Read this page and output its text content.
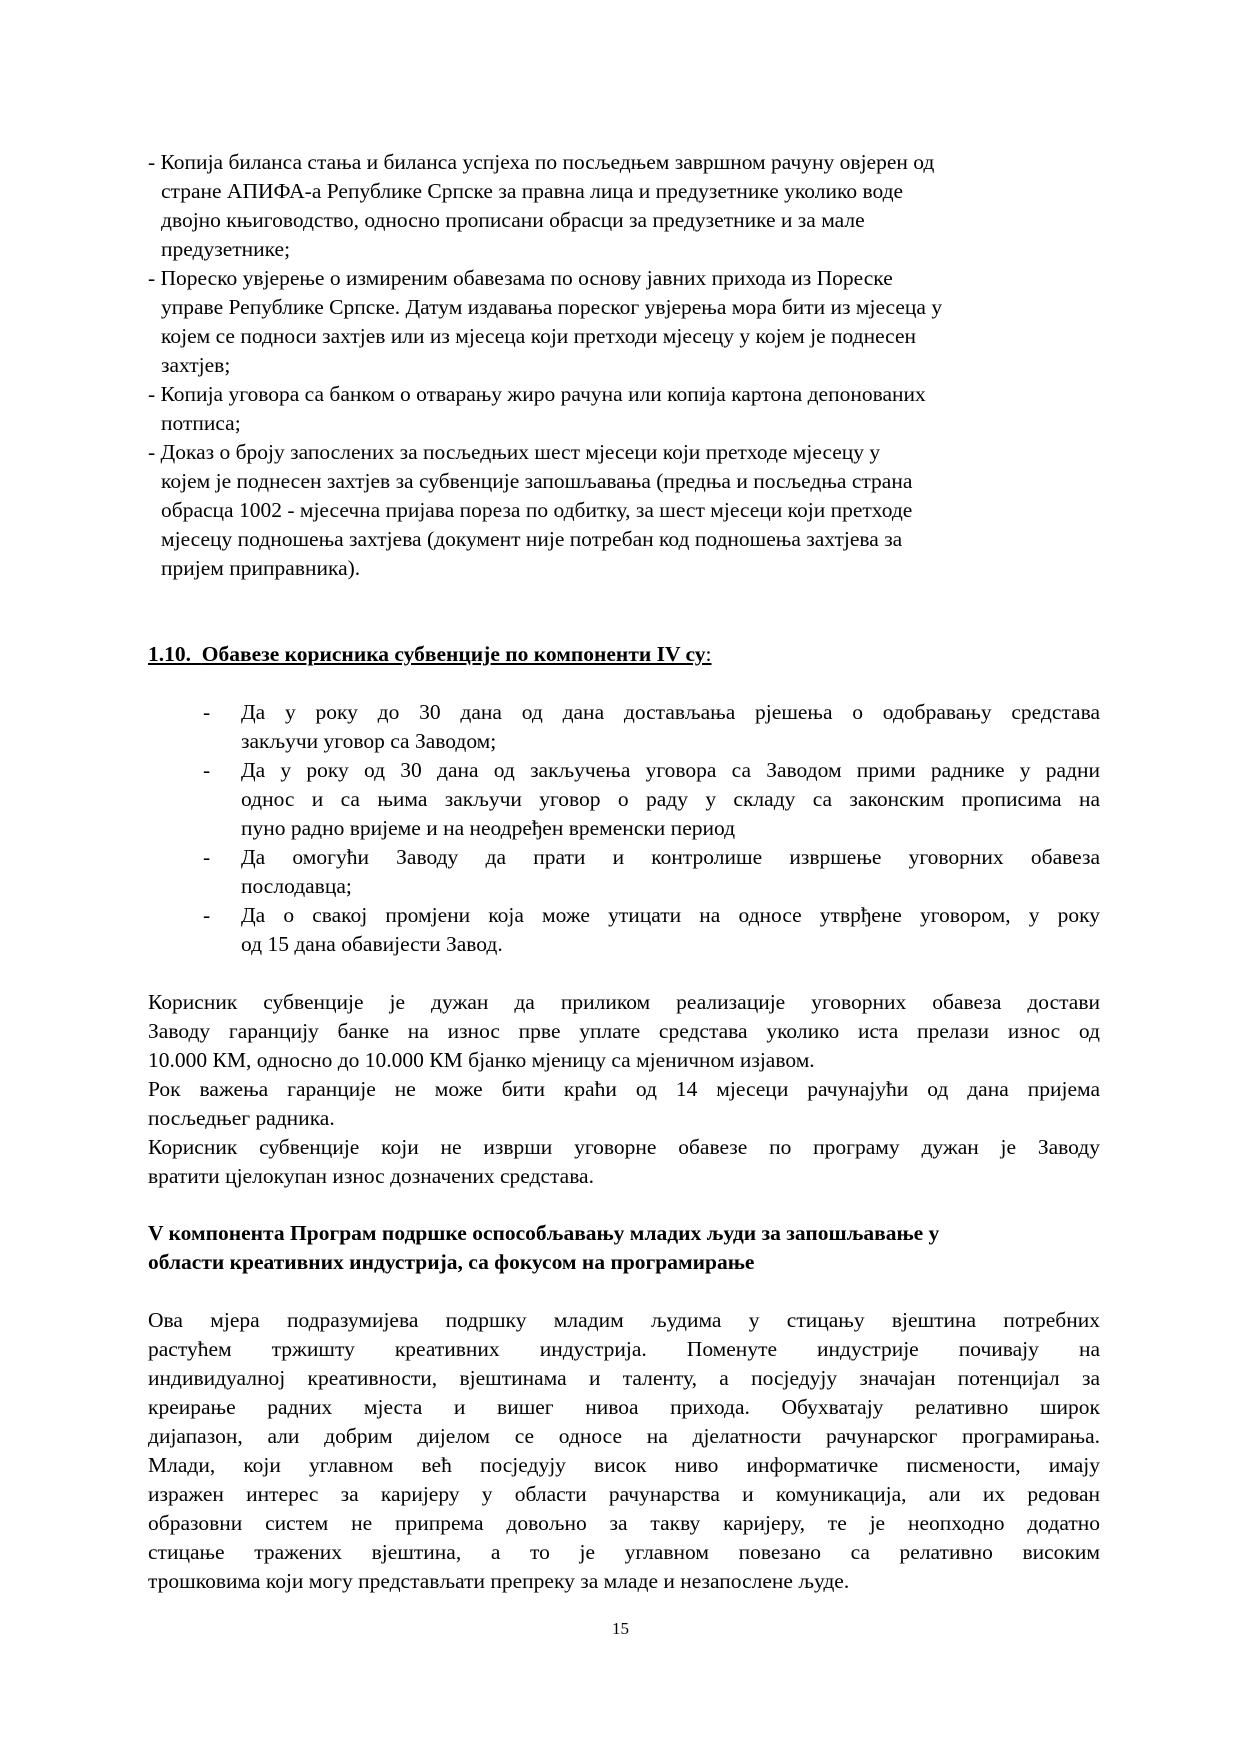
- Копија биланса стања и биланса успјеха по посљедњем завршном рачуну овјерен од
стране АПИФА-а Републике Српске за правна лица и предузетнике уколико воде
двојно књиговодство, односно прописани обрасци за предузетнике и за мале
предузетнике;
- Пореско увјерење о измиреним обавезама по основу јавних прихода из Пореске
управе Републике Српске. Датум издавања пореског увјерења мора бити из мјесеца у
којем се подноси захтјев или из мјесеца који претходи мјесецу у којем је поднесен
захтјев;
- Копија уговора са банком о отварању жиро рачуна или копија картона депонованих
потписа;
- Доказ о броју запослених за посљедњих шест мјесеци који претходе мјесецу у
којем је поднесен захтјев за субвенције запошљавања (предња и посљедња страна
обрасца 1002 - мјесечна пријава пореза по одбитку, за шест мјесеци који претходе
мјесецу подношења захтјева (документ није потребан код подношења захтјева за
пријем приправника).
1.10. Обавезе корисника субвенције по компоненти IV су:
- Да у року до 30 дана од дана достављања рјешења о одобравању средстава
закључи уговор са Заводом;
- Да у року од 30 дана од закључења уговора са Заводом прими раднике у радни
однос и са њима закључи уговор о раду у складу са законским прописима на
пуно радно вријеме и на неодређен временски период
- Да омогући Заводу да прати и контролише извршење уговорних обавеза
послодавца;
- Да о свакој промјени која може утицати на односе утврђене уговором, у року
од 15 дана обавијести Завод.
Корисник субвенције је дужан да приликом реализације уговорних обавеза достави
Заводу гаранцију банке на износ прве уплате средстава уколико иста прелази износ од
10.000 КМ, односно до 10.000 КМ бјанко мјеницу са мјеничном изјавом.
Рок важења гаранције не може бити краћи од 14 мјесеци рачунајући од дана пријема
посљедњег радника.
Корисник субвенције који не изврши уговорне обавезе по програму дужан је Заводу
вратити цјелокупан износ дозначених средстава.
V компонента Програм подршке оспособљавању младих људи за запошљавање у
области креативних индустрија, са фокусом на програмирање
Ова мјера подразумијева подршку младим људима у стицању вјештина потребних
растућем тржишту креативних индустрија. Поменуте индустрије почивају на
индивидуалној креативности, вјештинама и таленту, а посједују значајан потенцијал за
креирање радних мјеста и вишег нивоа прихода. Обухватају релативно широк
дијапазон, али добрим дијелом се односе на дјелатности рачунарског програмирања.
Млади, који углавном већ посједују висок ниво информатичке писмености, имају
изражен интерес за каријеру у области рачунарства и комуникација, али их редован
образовни систем не припрема довољно за такву каријеру, те је неопходно додатно
стицање тражених вјештина, а то је углавном повезано са релативно високим
трошковима који могу представљати препреку за младе и незапослене људе.
15
